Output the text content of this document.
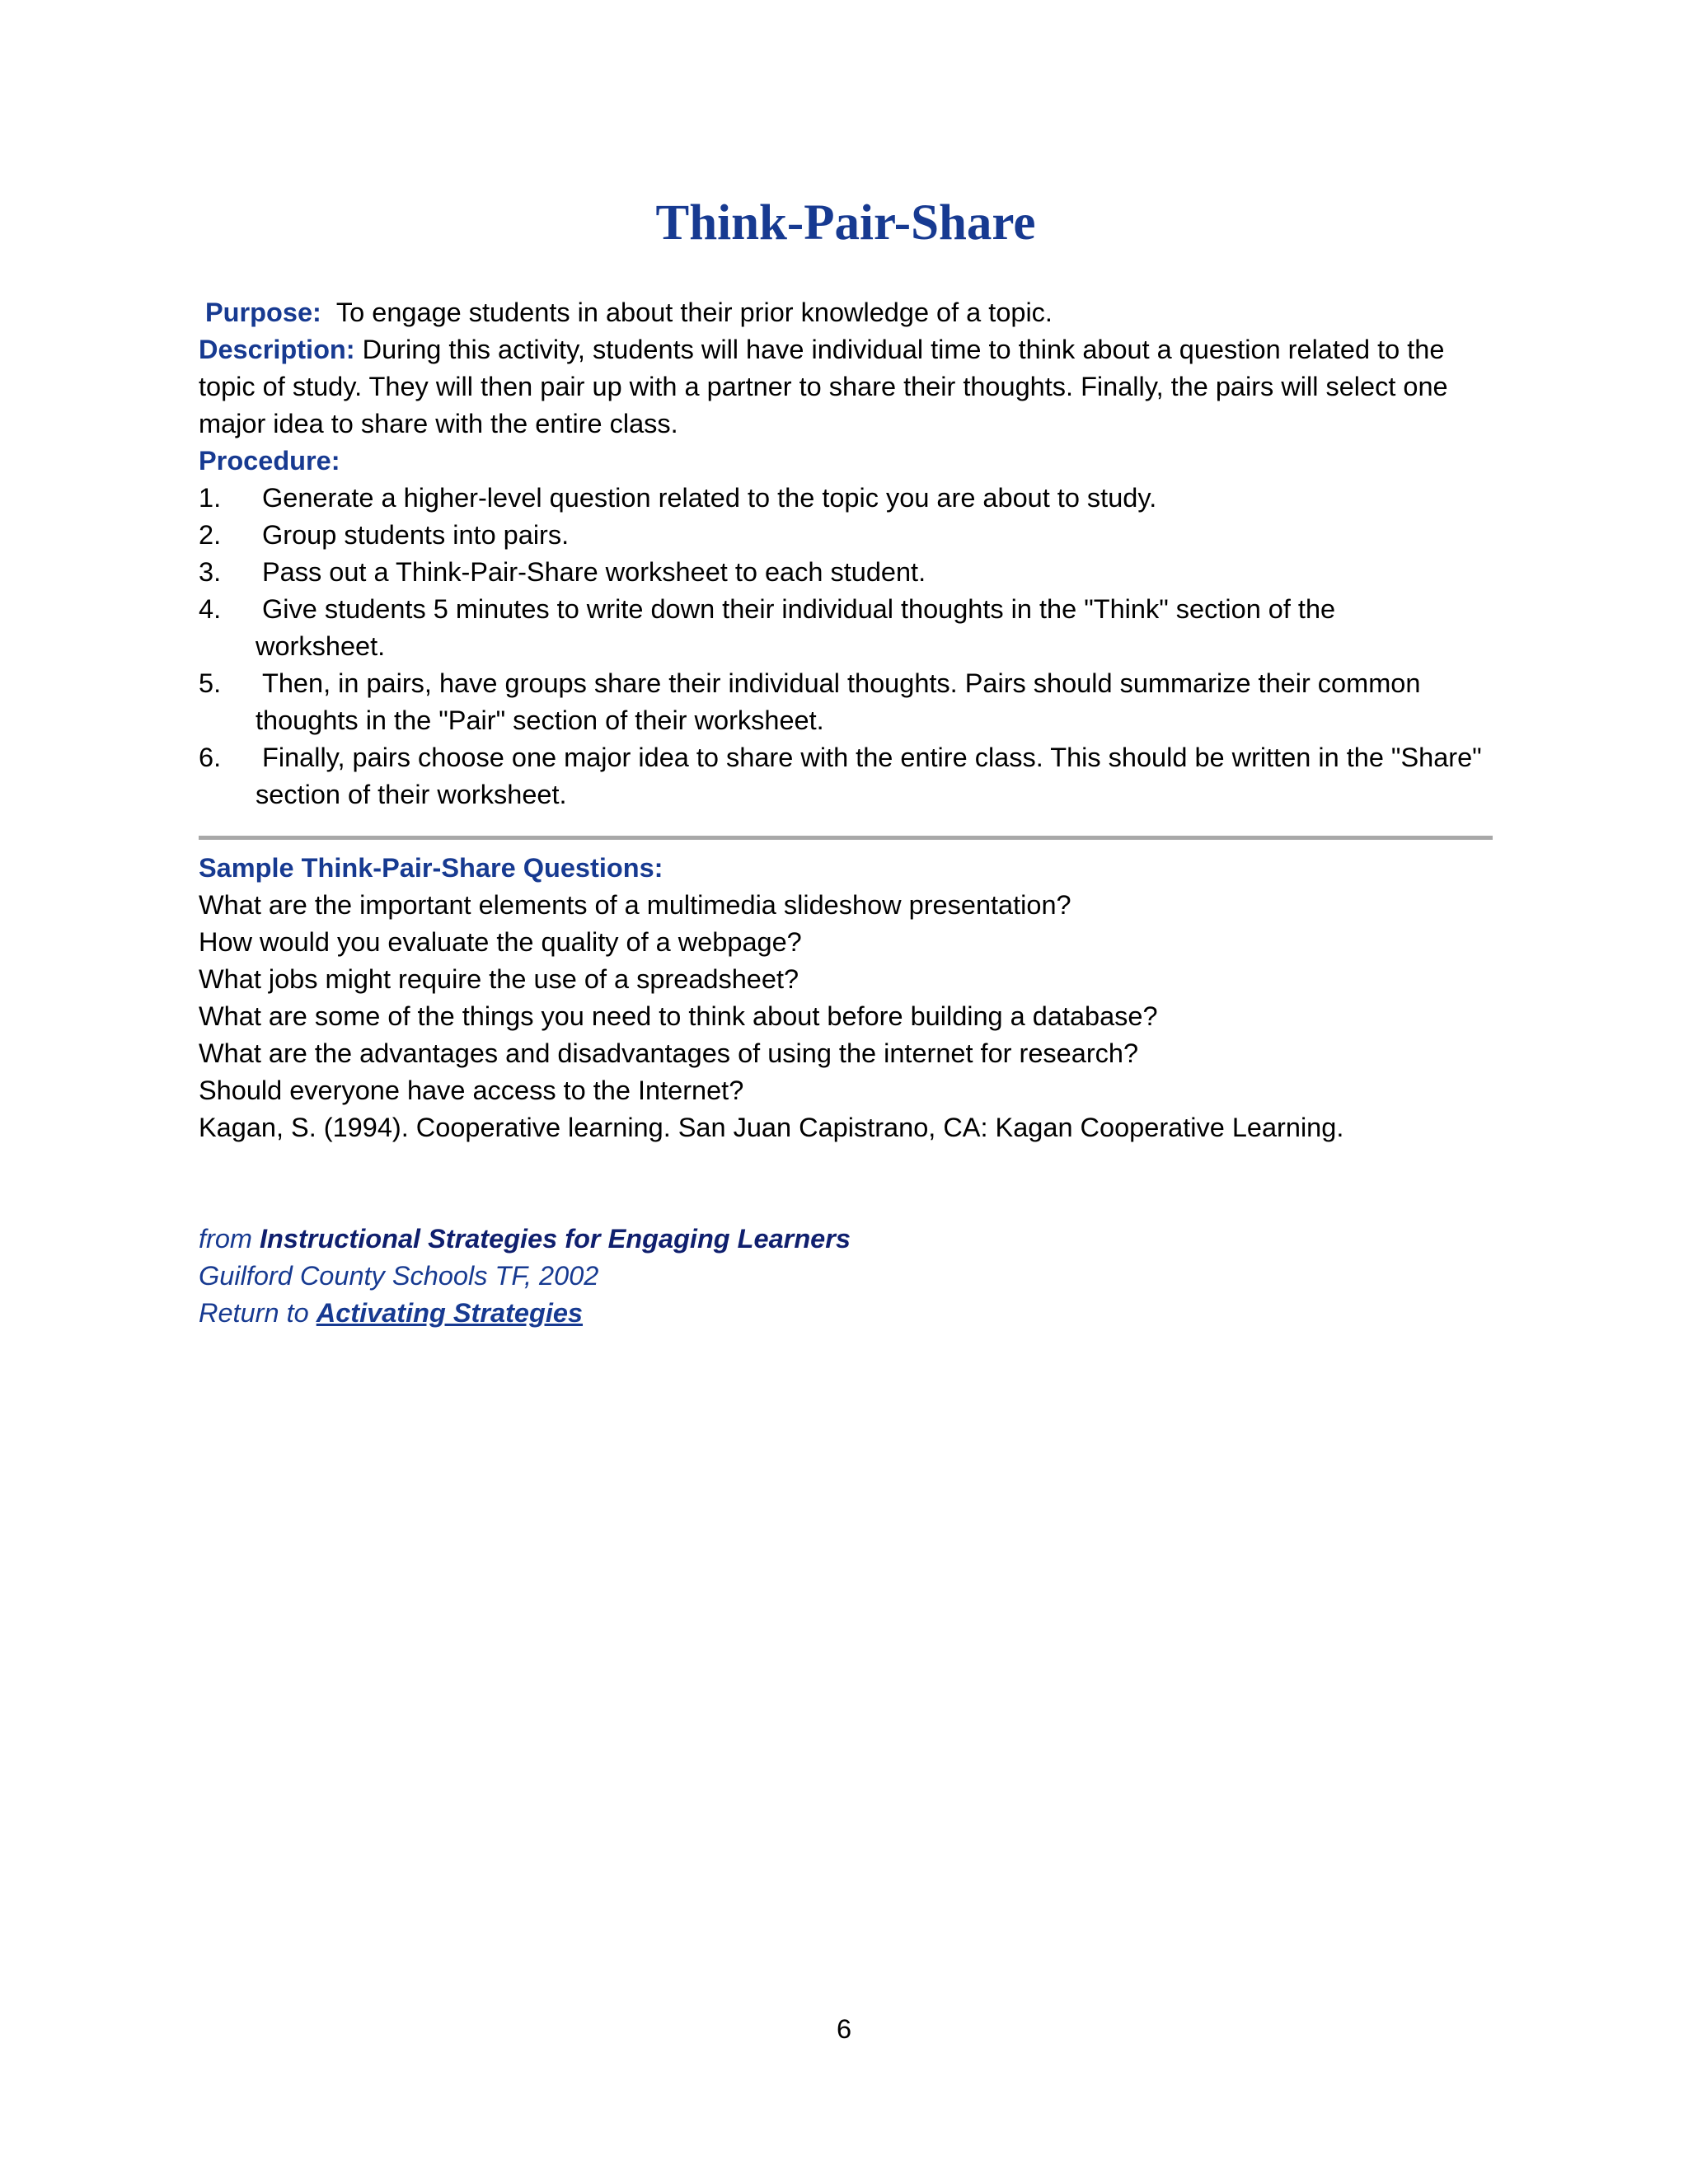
Think-Pair-Share
Purpose: To engage students in about their prior knowledge of a topic.
Description: During this activity, students will have individual time to think about a question related to the topic of study. They will then pair up with a partner to share their thoughts. Finally, the pairs will select one major idea to share with the entire class.
Procedure:
1. Generate a higher-level question related to the topic you are about to study.
2. Group students into pairs.
3. Pass out a Think-Pair-Share worksheet to each student.
4. Give students 5 minutes to write down their individual thoughts in the "Think" section of the worksheet.
5. Then, in pairs, have groups share their individual thoughts. Pairs should summarize their common thoughts in the "Pair" section of their worksheet.
6. Finally, pairs choose one major idea to share with the entire class. This should be written in the "Share" section of their worksheet.
Sample Think-Pair-Share Questions:
What are the important elements of a multimedia slideshow presentation?
How would you evaluate the quality of a webpage?
What jobs might require the use of a spreadsheet?
What are some of the things you need to think about before building a database?
What are the advantages and disadvantages of using the internet for research?
Should everyone have access to the Internet?
Kagan, S. (1994). Cooperative learning. San Juan Capistrano, CA: Kagan Cooperative Learning.
from Instructional Strategies for Engaging Learners
Guilford County Schools TF, 2002
Return to Activating Strategies
6
